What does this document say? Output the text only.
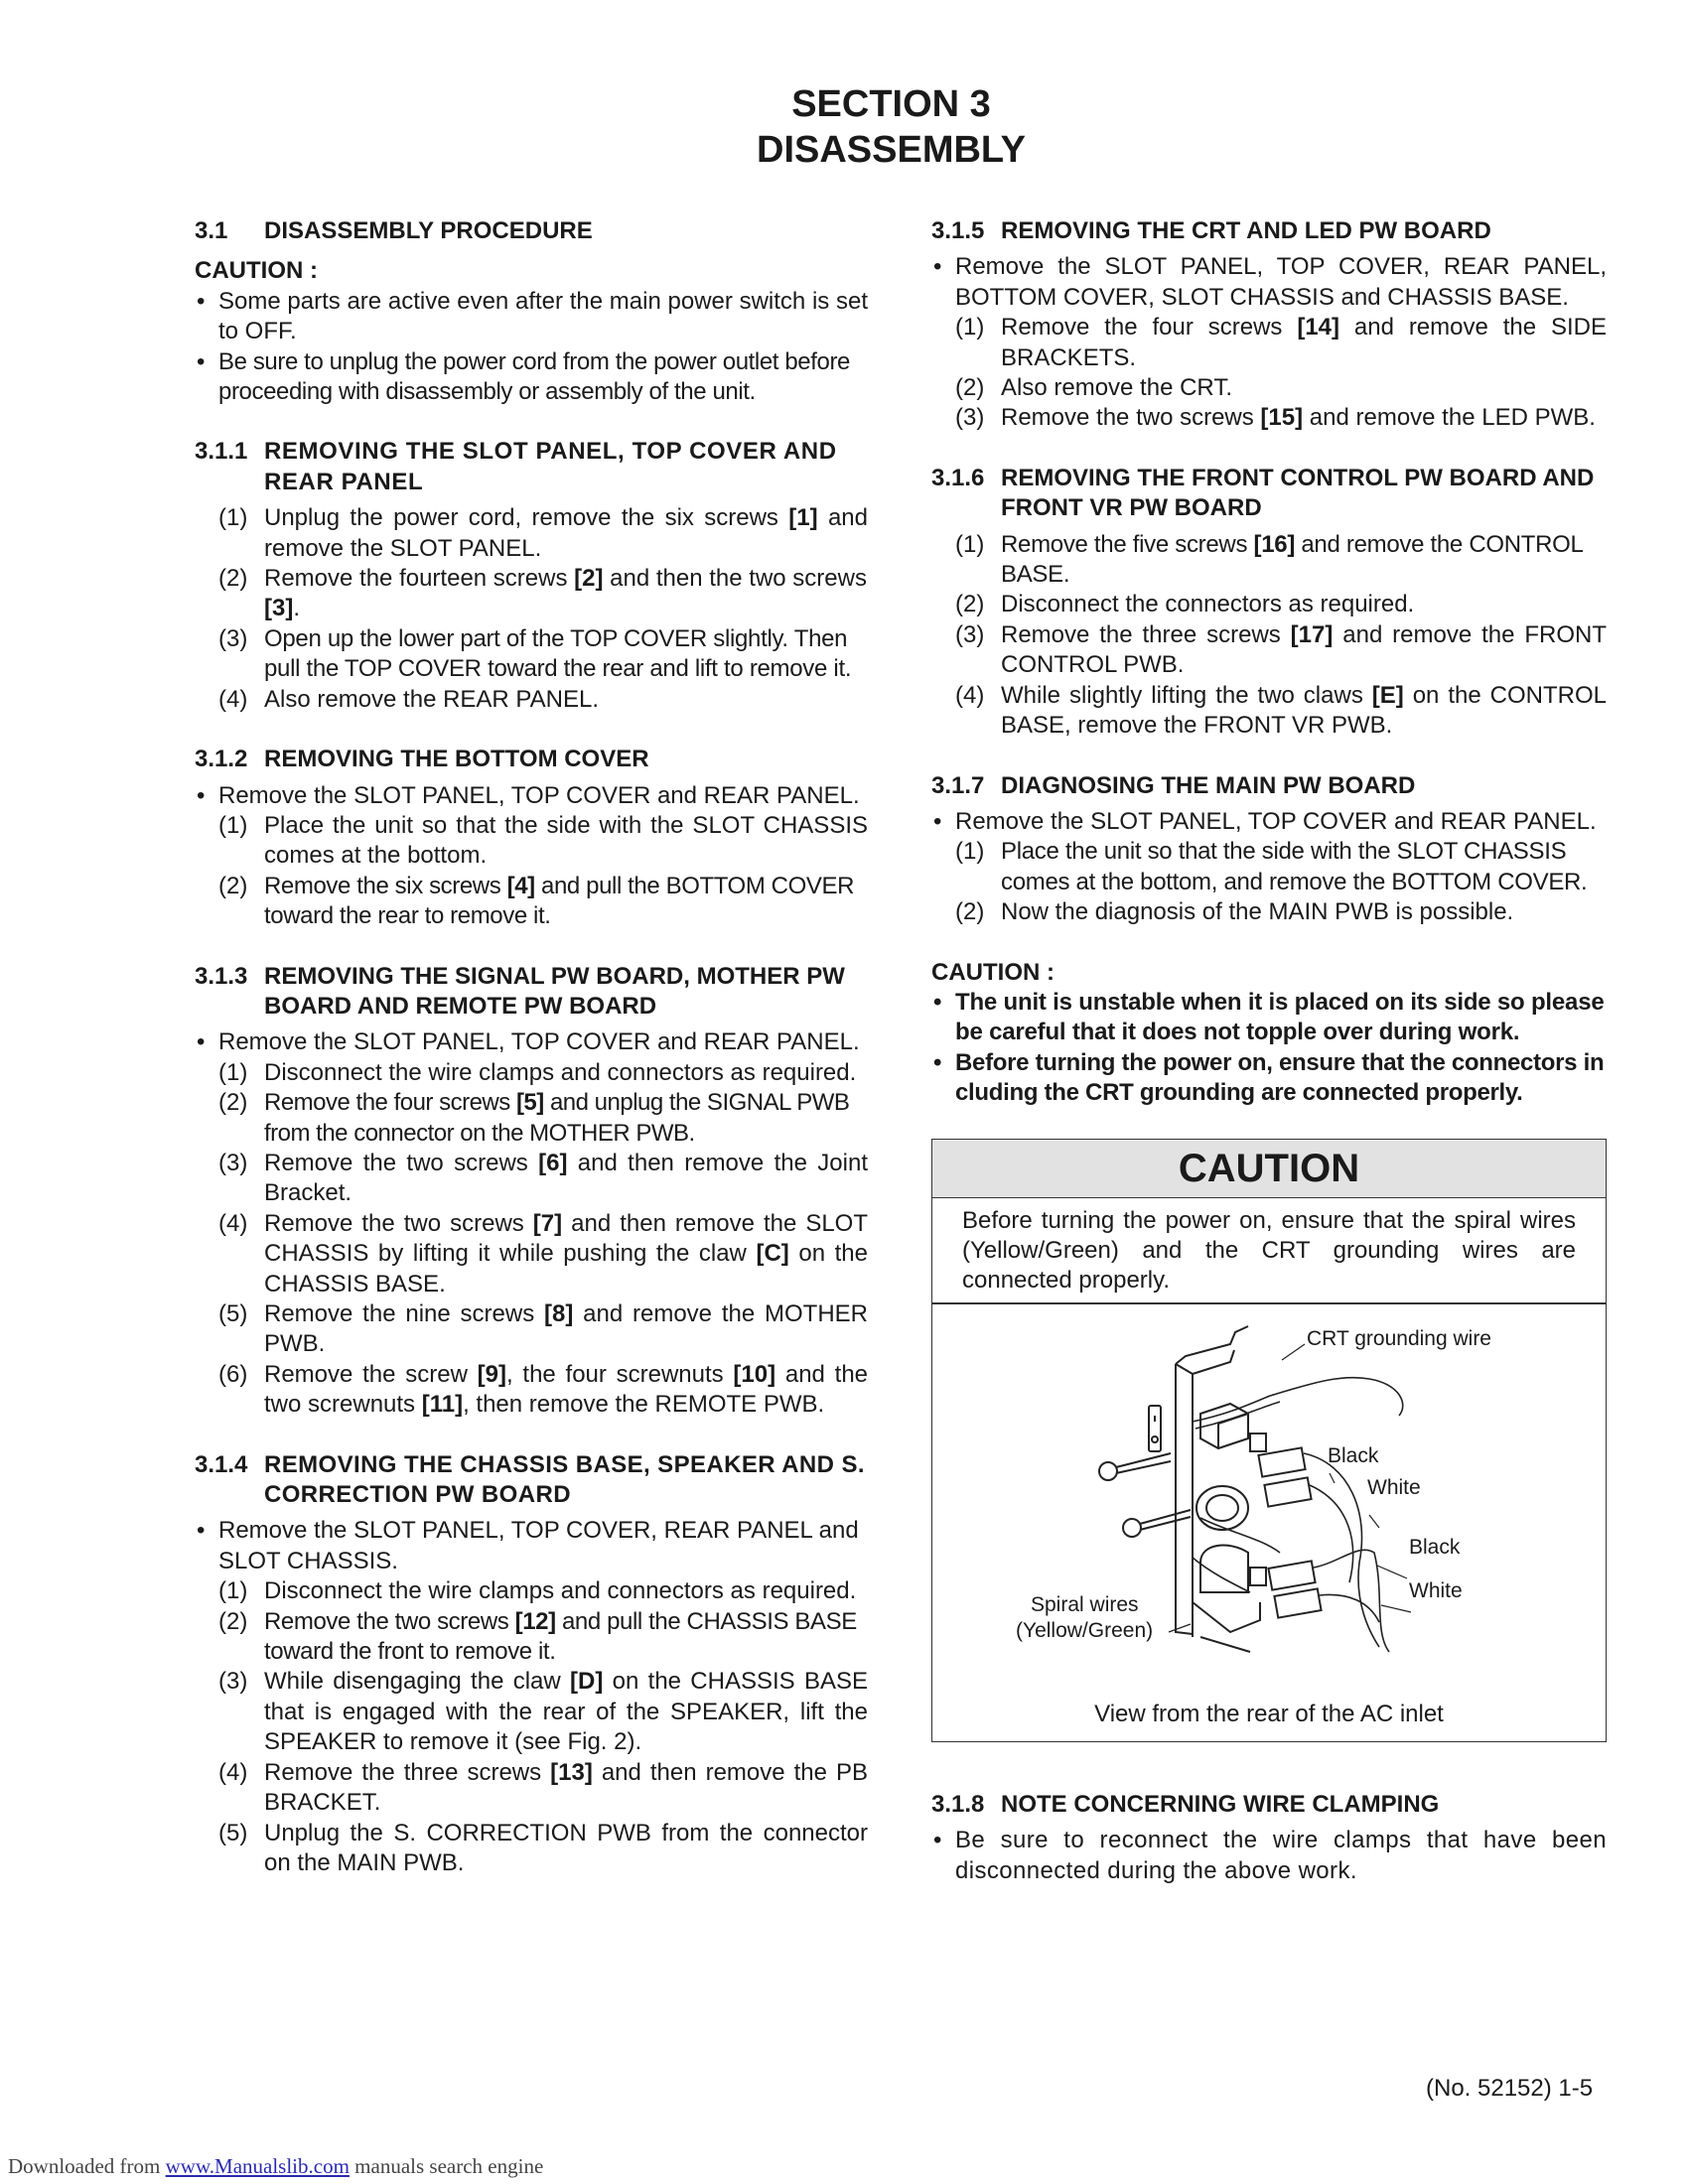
SECTION 3
DISASSEMBLY
3.1 DISASSEMBLY PROCEDURE
CAUTION :
• Some parts are active even after the main power switch is set to OFF.
• Be sure to unplug the power cord from the power outlet before proceeding with disassembly or assembly of the unit.
3.1.1 REMOVING THE SLOT PANEL, TOP COVER AND REAR PANEL
(1) Unplug the power cord, remove the six screws [1] and remove the SLOT PANEL.
(2) Remove the fourteen screws [2] and then the two screws [3].
(3) Open up the lower part of the TOP COVER slightly. Then pull the TOP COVER toward the rear and lift to remove it.
(4) Also remove the REAR PANEL.
3.1.2 REMOVING THE BOTTOM COVER
• Remove the SLOT PANEL, TOP COVER and REAR PANEL.
(1) Place the unit so that the side with the SLOT CHASSIS comes at the bottom.
(2) Remove the six screws [4] and pull the BOTTOM COVER toward the rear to remove it.
3.1.3 REMOVING THE SIGNAL PW BOARD, MOTHER PW BOARD AND REMOTE PW BOARD
• Remove the SLOT PANEL, TOP COVER and REAR PANEL.
(1) Disconnect the wire clamps and connectors as required.
(2) Remove the four screws [5] and unplug the SIGNAL PWB from the connector on the MOTHER PWB.
(3) Remove the two screws [6] and then remove the Joint Bracket.
(4) Remove the two screws [7] and then remove the SLOT CHASSIS by lifting it while pushing the claw [C] on the CHASSIS BASE.
(5) Remove the nine screws [8] and remove the MOTHER PWB.
(6) Remove the screw [9], the four screwnuts [10] and the two screwnuts [11], then remove the REMOTE PWB.
3.1.4 REMOVING THE CHASSIS BASE, SPEAKER AND S. CORRECTION PW BOARD
• Remove the SLOT PANEL, TOP COVER, REAR PANEL and SLOT CHASSIS.
(1) Disconnect the wire clamps and connectors as required.
(2) Remove the two screws [12] and pull the CHASSIS BASE toward the front to remove it.
(3) While disengaging the claw [D] on the CHASSIS BASE that is engaged with the rear of the SPEAKER, lift the SPEAKER to remove it (see Fig. 2).
(4) Remove the three screws [13] and then remove the PB BRACKET.
(5) Unplug the S. CORRECTION PWB from the connector on the MAIN PWB.
3.1.5 REMOVING THE CRT AND LED PW BOARD
• Remove the SLOT PANEL, TOP COVER, REAR PANEL, BOTTOM COVER, SLOT CHASSIS and CHASSIS BASE.
(1) Remove the four screws [14] and remove the SIDE BRACKETS.
(2) Also remove the CRT.
(3) Remove the two screws [15] and remove the LED PWB.
3.1.6 REMOVING THE FRONT CONTROL PW BOARD AND FRONT VR PW BOARD
(1) Remove the five screws [16] and remove the CONTROL BASE.
(2) Disconnect the connectors as required.
(3) Remove the three screws [17] and remove the FRONT CONTROL PWB.
(4) While slightly lifting the two claws [E] on the CONTROL BASE, remove the FRONT VR PWB.
3.1.7 DIAGNOSING THE MAIN PW BOARD
• Remove the SLOT PANEL, TOP COVER and REAR PANEL.
(1) Place the unit so that the side with the SLOT CHASSIS comes at the bottom, and remove the BOTTOM COVER.
(2) Now the diagnosis of the MAIN PWB is possible.
CAUTION :
• The unit is unstable when it is placed on its side so please be careful that it does not topple over during work.
• Before turning the power on, ensure that the connectors in cluding the CRT grounding are connected properly.
CAUTION
Before turning the power on, ensure that the spiral wires (Yellow/Green) and the CRT grounding wires are connected properly.
CRT grounding wire
Black
White
Black
White
Spiral wires
(Yellow/Green)
View from the rear of the AC inlet
3.1.8 NOTE CONCERNING WIRE CLAMPING
• Be sure to reconnect the wire clamps that have been disconnected during the above work.
(No. 52152) 1-5
Downloaded from www.Manualslib.com manuals search engine
